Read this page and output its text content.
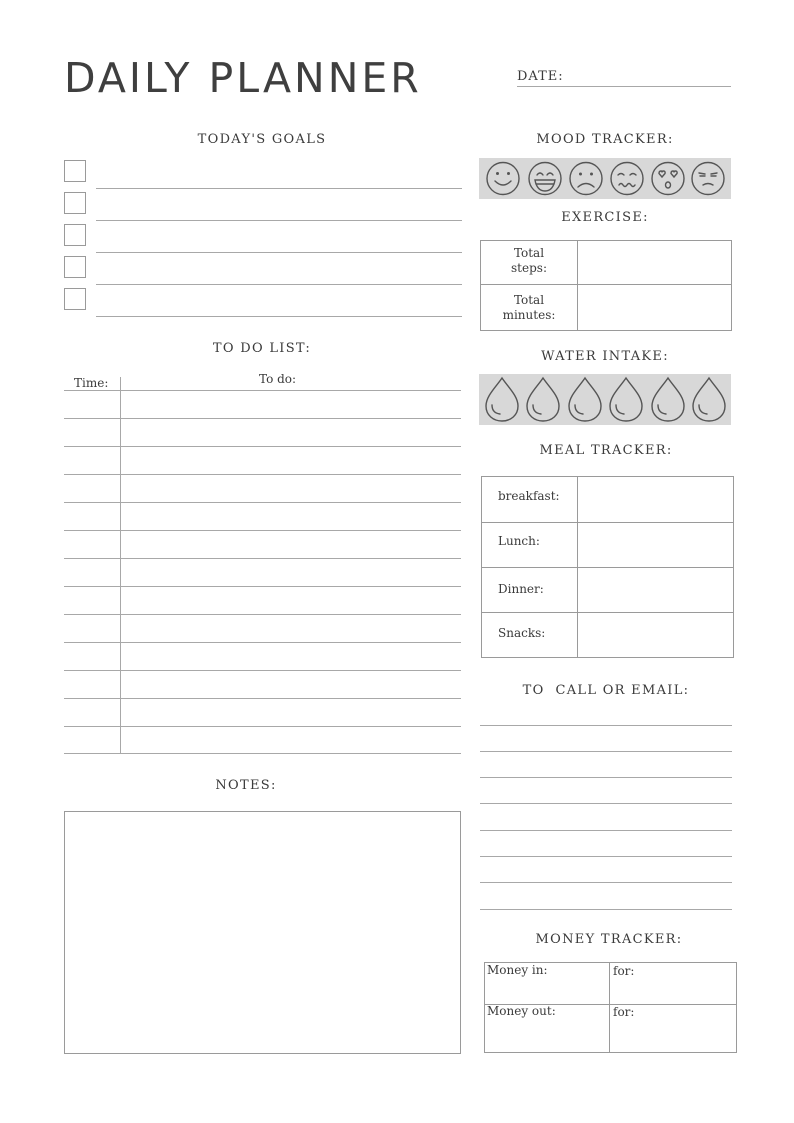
DAILY PLANNER	DATE:
TODAY'S GOALS
TO DO LIST:
Time:	To do:
NOTES:
MOOD TRACKER:
EXERCISE:
Total
steps:
Total
minutes:
WATER INTAKE:
MEAL TRACKER:
breakfast:
Lunch:
Dinner:
Snacks:
TO  CALL OR EMAIL:
MONEY TRACKER:
Money in:	for:
Money out:	for:
